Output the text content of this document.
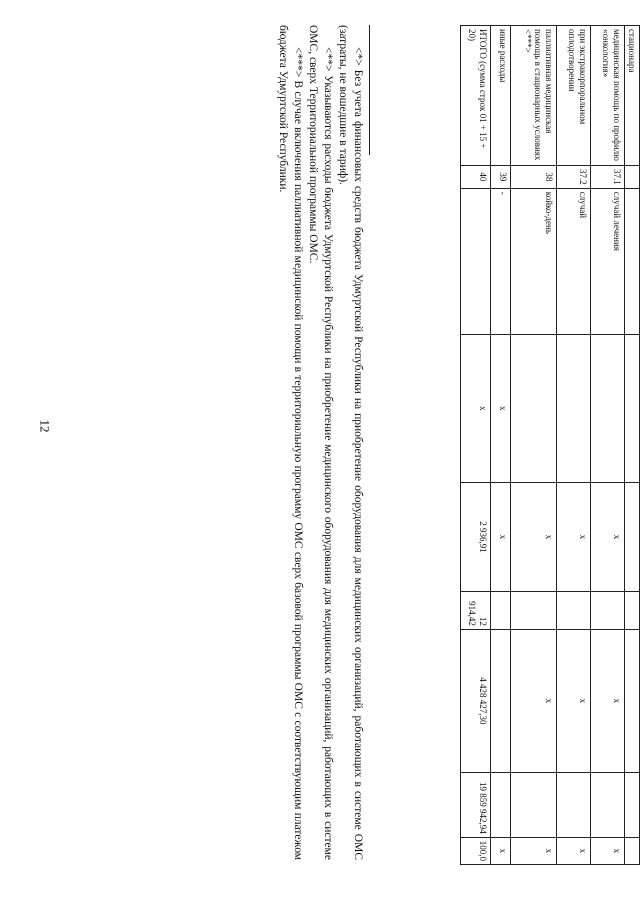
12
стационара								
медицинская помощь по профилю «онкология»	37.1	случай лечения		х		х		х
при экстракорпоральном оплодотворении	37.2	случай		х		х		х
паллиативная медицинская помощь в стационарных условиях <***>	38	койко-день		х		х		х
иные расходы	39	-	х	х				х
ИТОГО (сумма строк 01 + 15 + 20)	40		х	2 936,91	12 914,42	4 428 427,30	19 859 942,94	100,0

<*> Без учета финансовых средств бюджета Удмуртской Республики на приобретение оборудования для медицинских организаций, работающих в системе ОМС (затраты, не вошедшие в тариф).

<**> Указываются расходы бюджета Удмуртской Республики на приобретение медицинского оборудования для медицинских организаций, работающих в системе ОМС, сверх Территориальной программы ОМС.

<***> В случае включения паллиативной медицинской помощи в территориальную программу ОМС сверх базовой программы ОМС с соответствующим платежом бюджета Удмуртской Республики.
